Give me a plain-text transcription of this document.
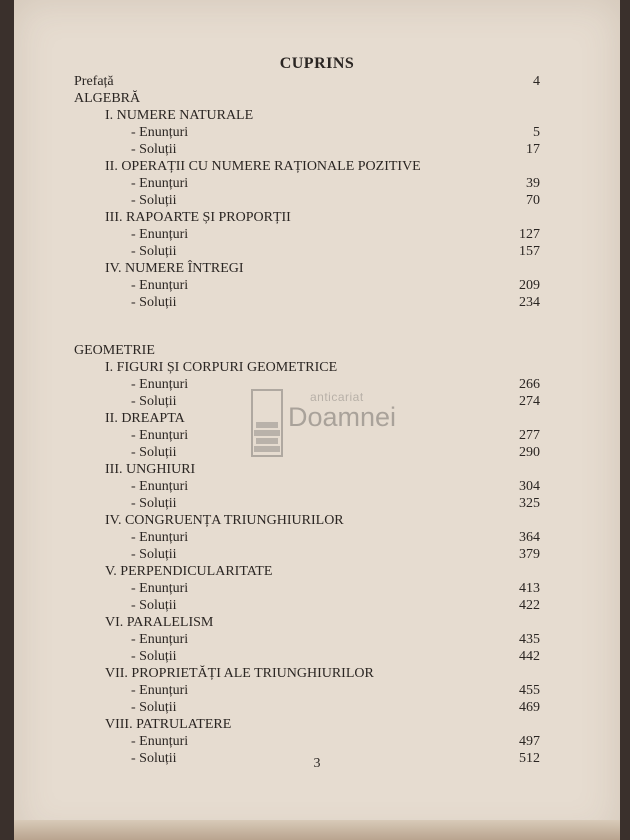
CUPRINS
Prefață	4
ALGEBRĂ
I. NUMERE NATURALE
- Enunțuri	5
- Soluții	17
II. OPERAȚII CU NUMERE RAȚIONALE POZITIVE
- Enunțuri	39
- Soluții	70
III. RAPOARTE ȘI PROPORȚII
- Enunțuri	127
- Soluții	157
IV. NUMERE ÎNTREGI
- Enunțuri	209
- Soluții	234
GEOMETRIE
I. FIGURI ȘI CORPURI GEOMETRICE
- Enunțuri	266
- Soluții	274
II. DREAPTA
- Enunțuri	277
- Soluții	290
III. UNGHIURI
- Enunțuri	304
- Soluții	325
IV. CONGRUENȚA TRIUNGHIURILOR
- Enunțuri	364
- Soluții	379
V. PERPENDICULARITATE
- Enunțuri	413
- Soluții	422
VI. PARALELISM
- Enunțuri	435
- Soluții	442
VII. PROPRIETĂȚI ALE TRIUNGHIURILOR
- Enunțuri	455
- Soluții	469
VIII. PATRULATERE
- Enunțuri	497
- Soluții	512
anticariat
Doamnei
3
